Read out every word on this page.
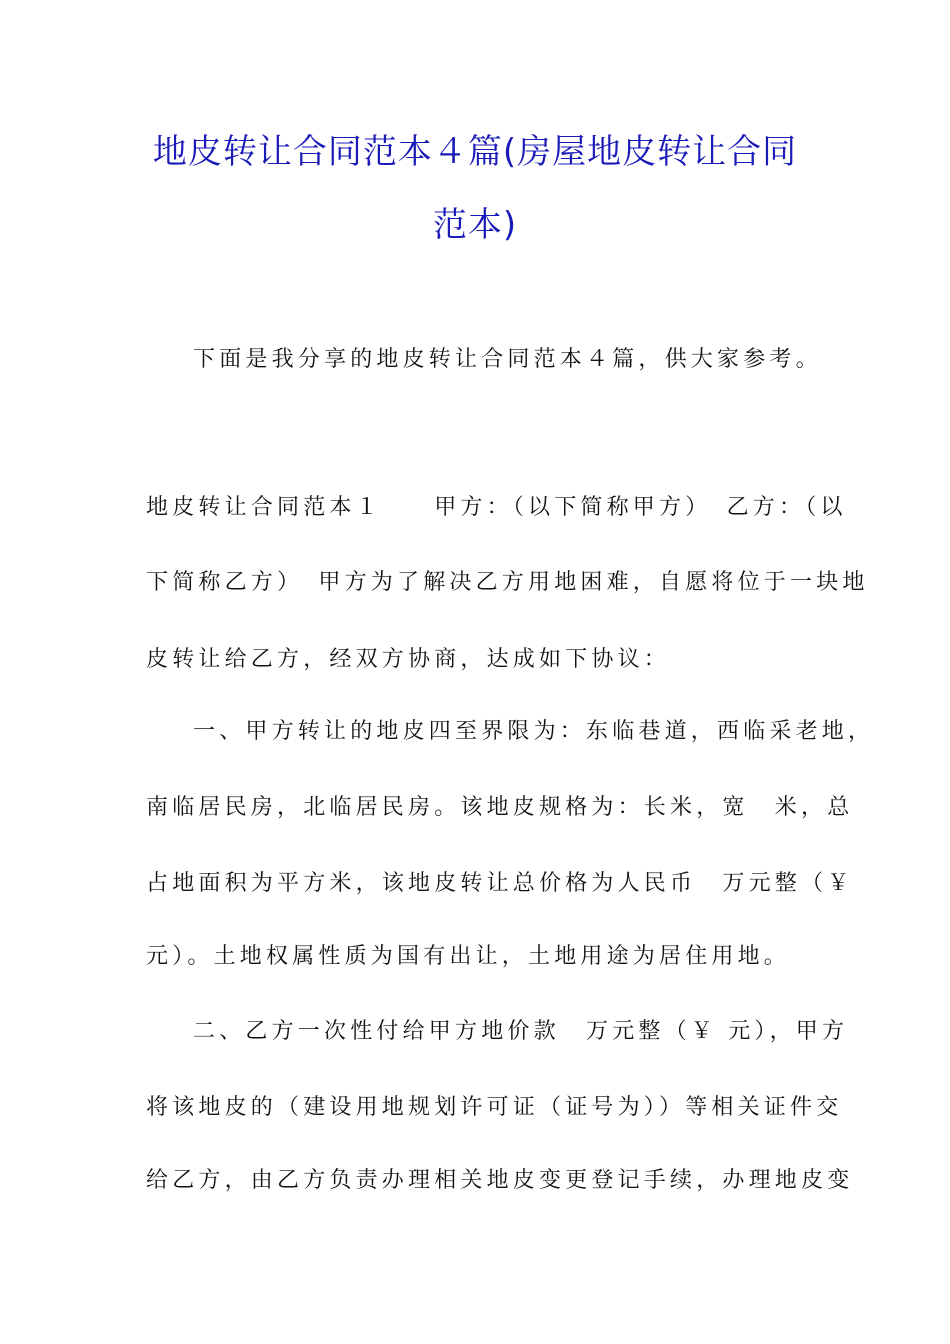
地皮转让合同范本４篇(房屋地皮转让合同
范本)
下面是我分享的地皮转让合同范本４篇，供大家参考。
地皮转让合同范本１　　甲方：（以下简称甲方）　乙方：（以
下简称乙方）　甲方为了解决乙方用地困难，自愿将位于一块地
皮转让给乙方，经双方协商，达成如下协议：
一、甲方转让的地皮四至界限为：东临巷道，西临采老地，
南临居民房，北临居民房。该地皮规格为：长米，宽　米，总
占地面积为平方米，该地皮转让总价格为人民币　万元整（￥
元）。土地权属性质为国有出让，土地用途为居住用地。
二、乙方一次性付给甲方地价款　万元整（￥ 元），甲方
将该地皮的（建设用地规划许可证（证号为））等相关证件交
给乙方，由乙方负责办理相关地皮变更登记手续，办理地皮变
